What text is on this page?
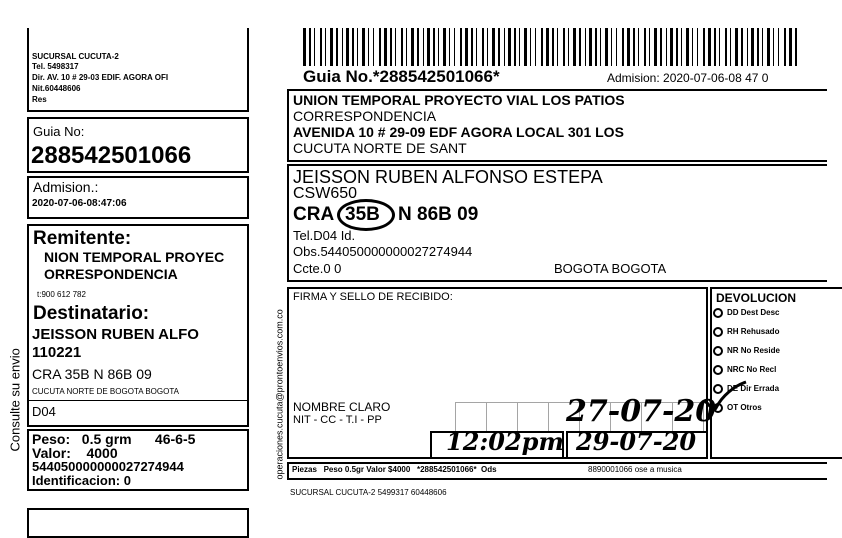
SUCURSAL CUCUTA-2
Tel. 5498317
Dir. AV. 10 # 29-03 EDIF. AGORA OFI
Nit.60448606
Res
Guia No:
288542501066
Admision.:
2020-07-06-08:47:06
Remitente:
NION TEMPORAL PROYEC
ORRESPONDENCIA
t:900 612 782
Destinatario:
JEISSON RUBEN ALFO
110221
CRA 35B N 86B 09
CUCUTA NORTE DE BOGOTA BOGOTA
D04
Peso:   0.5 grm      46-6-5
Valor:    4000
544050000000027274944
Identificacion: 0
Consulte su envio	operaciones.cucuta@prontoenvios.com.co
Guia No.*288542501066*	Admision: 2020-07-06-08 47 0
UNION TEMPORAL PROYECTO VIAL LOS PATIOS
CORRESPONDENCIA
AVENIDA 10 # 29-09 EDF AGORA LOCAL 301 LOS
CUCUTA NORTE DE SANT
JEISSON RUBEN ALFONSO ESTEPA
CSW650
CRA 35B N 86B 09
Tel.D04 Id.
Obs.544050000000027274944
Ccte.0 0	BOGOTA BOGOTA
FIRMA Y SELLO DE RECIBIDO:
NOMBRE CLARO
NIT - CC - T.I - PP	27-07-20
12:02pm 29-07-20
DEVOLUCION
DD Dest Desc
RH Rehusado
NR No Reside
NRC No Recl
DE Dir Errada
OT Otros
Piezas   Peso 0.5gr Valor $4000   *288542501066*  Ods	8890001066 ose a musica
SUCURSAL CUCUTA-2 5499317 60448606
